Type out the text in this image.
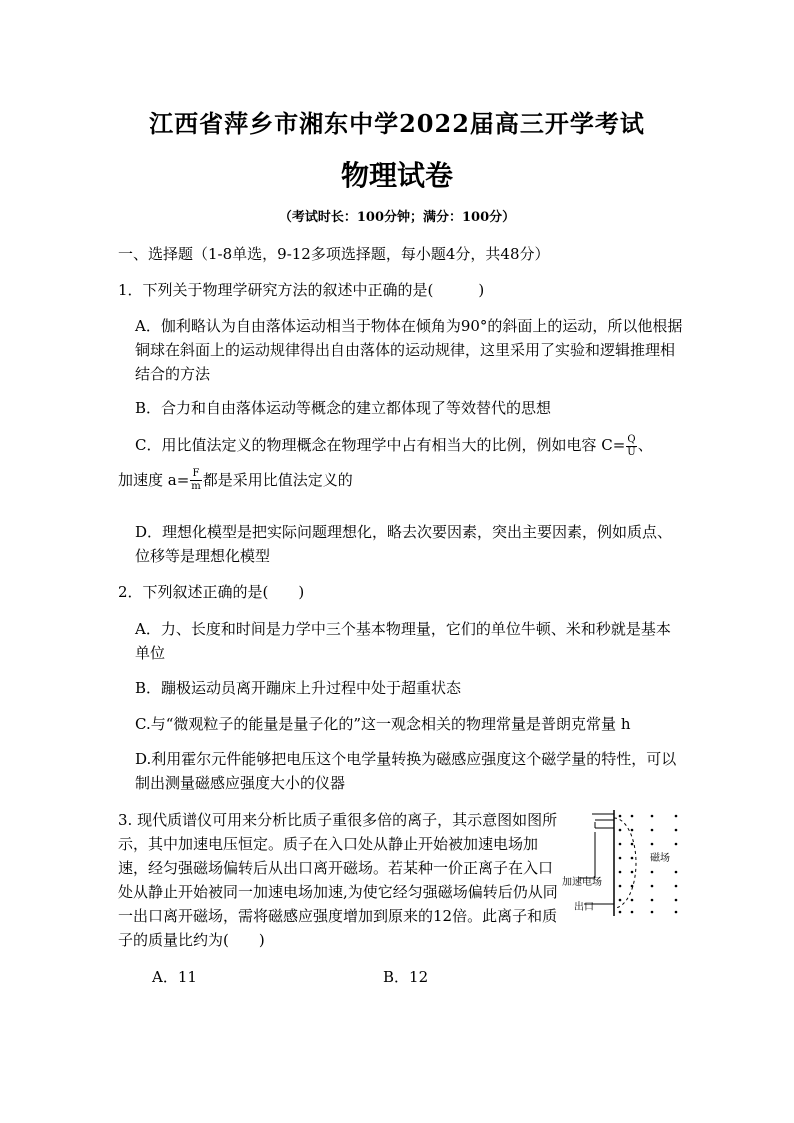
江西省萍乡市湘东中学2022届高三开学考试
物理试卷
（考试时长：100分钟；满分：100分）
一、选择题（1-8单选，9-12多项选择题，每小题4分，共48分）
1．下列关于物理学研究方法的叙述中正确的是(　　　)
A．伽利略认为自由落体运动相当于物体在倾角为90°的斜面上的运动，所以他根据铜球在斜面上的运动规律得出自由落体的运动规律，这里采用了实验和逻辑推理相结合的方法
B．合力和自由落体运动等概念的建立都体现了等效替代的思想
C．用比值法定义的物理概念在物理学中占有相当大的比例，例如电容 $C= \frac{Q}{U}$ 、
加速度 $a= \frac{F}{m}$ 都是采用比值法定义的
D．理想化模型是把实际问题理想化，略去次要因素，突出主要因素，例如质点、位移等是理想化模型
2．下列叙述正确的是(　　)
A．力、长度和时间是力学中三个基本物理量，它们的单位牛顿、米和秒就是基本单位
B．蹦极运动员离开蹦床上升过程中处于超重状态
C.与“微观粒子的能量是量子化的”这一观念相关的物理常量是普朗克常量 h
D.利用霍尔元件能够把电压这个电学量转换为磁感应强度这个磁学量的特性，可以制出测量磁感应强度大小的仪器
3. 现代质谱仪可用来分析比质子重很多倍的离子，其示意图如图所示，其中加速电压恒定。质子在入口处从静止开始被加速电场加速，经匀强磁场偏转后从出口离开磁场。若某种一价正离子在入口处从静止开始被同一加速电场加速,为使它经匀强磁场偏转后仍从同一出口离开磁场，需将磁感应强度增加到原来的12倍。此离子和质子的质量比约为(　　)
磁场
加速电场
出口
A．11	B．12
